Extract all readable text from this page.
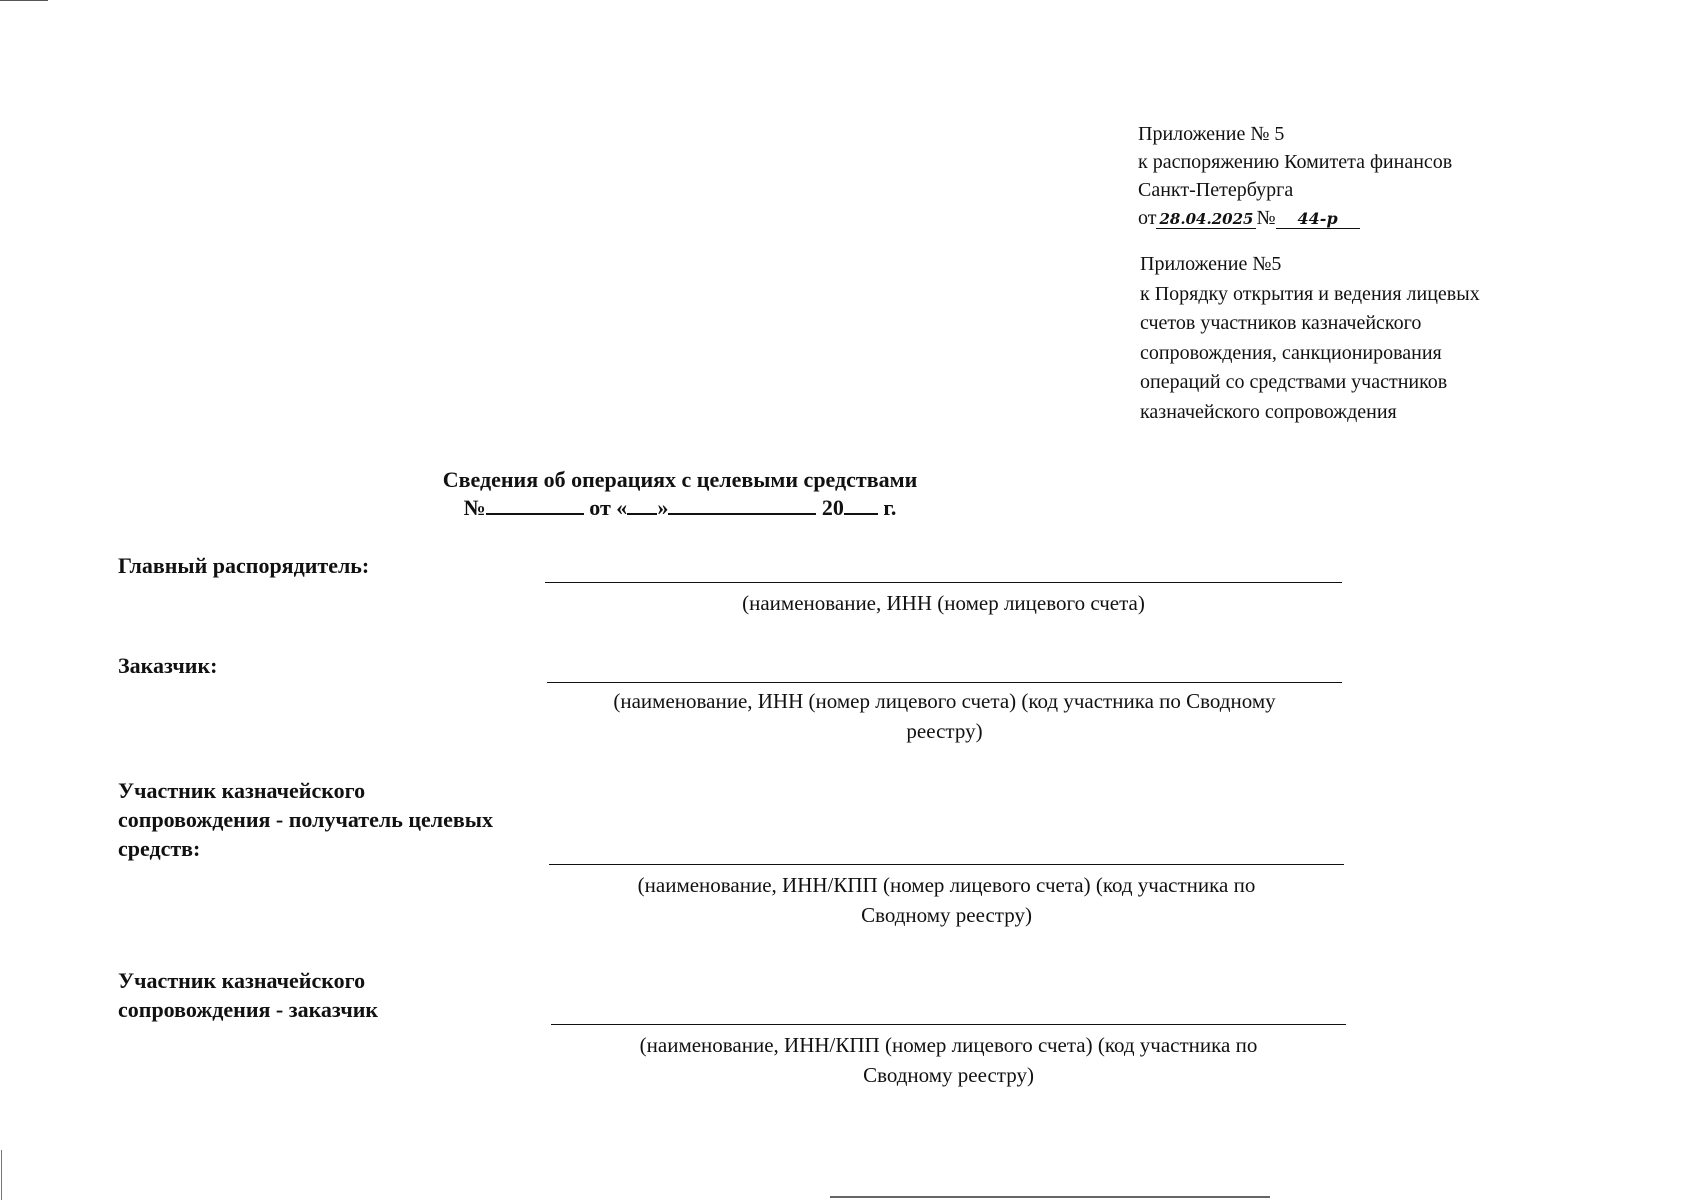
Приложение № 5
к распоряжению Комитета финансов
Санкт-Петербурга
от 28.04.2025 №	44-р
Приложение №5
к Порядку открытия и ведения лицевых
счетов участников казначейского
сопровождения, санкционирования
операций со средствами участников
казначейского сопровождения
Сведения об операциях с целевыми средствами
№	от « »	20 г.
Главный распорядитель:
(наименование, ИНН (номер лицевого счета)
Заказчик:
(наименование, ИНН (номер лицевого счета) (код участника по Сводному
реестру)
Участник казначейского
сопровождения - получатель целевых
средств:
(наименование, ИНН/КПП (номер лицевого счета) (код участника по
Сводному реестру)
Участник казначейского
сопровождения - заказчик
(наименование, ИНН/КПП (номер лицевого счета) (код участника по
Сводному реестру)
